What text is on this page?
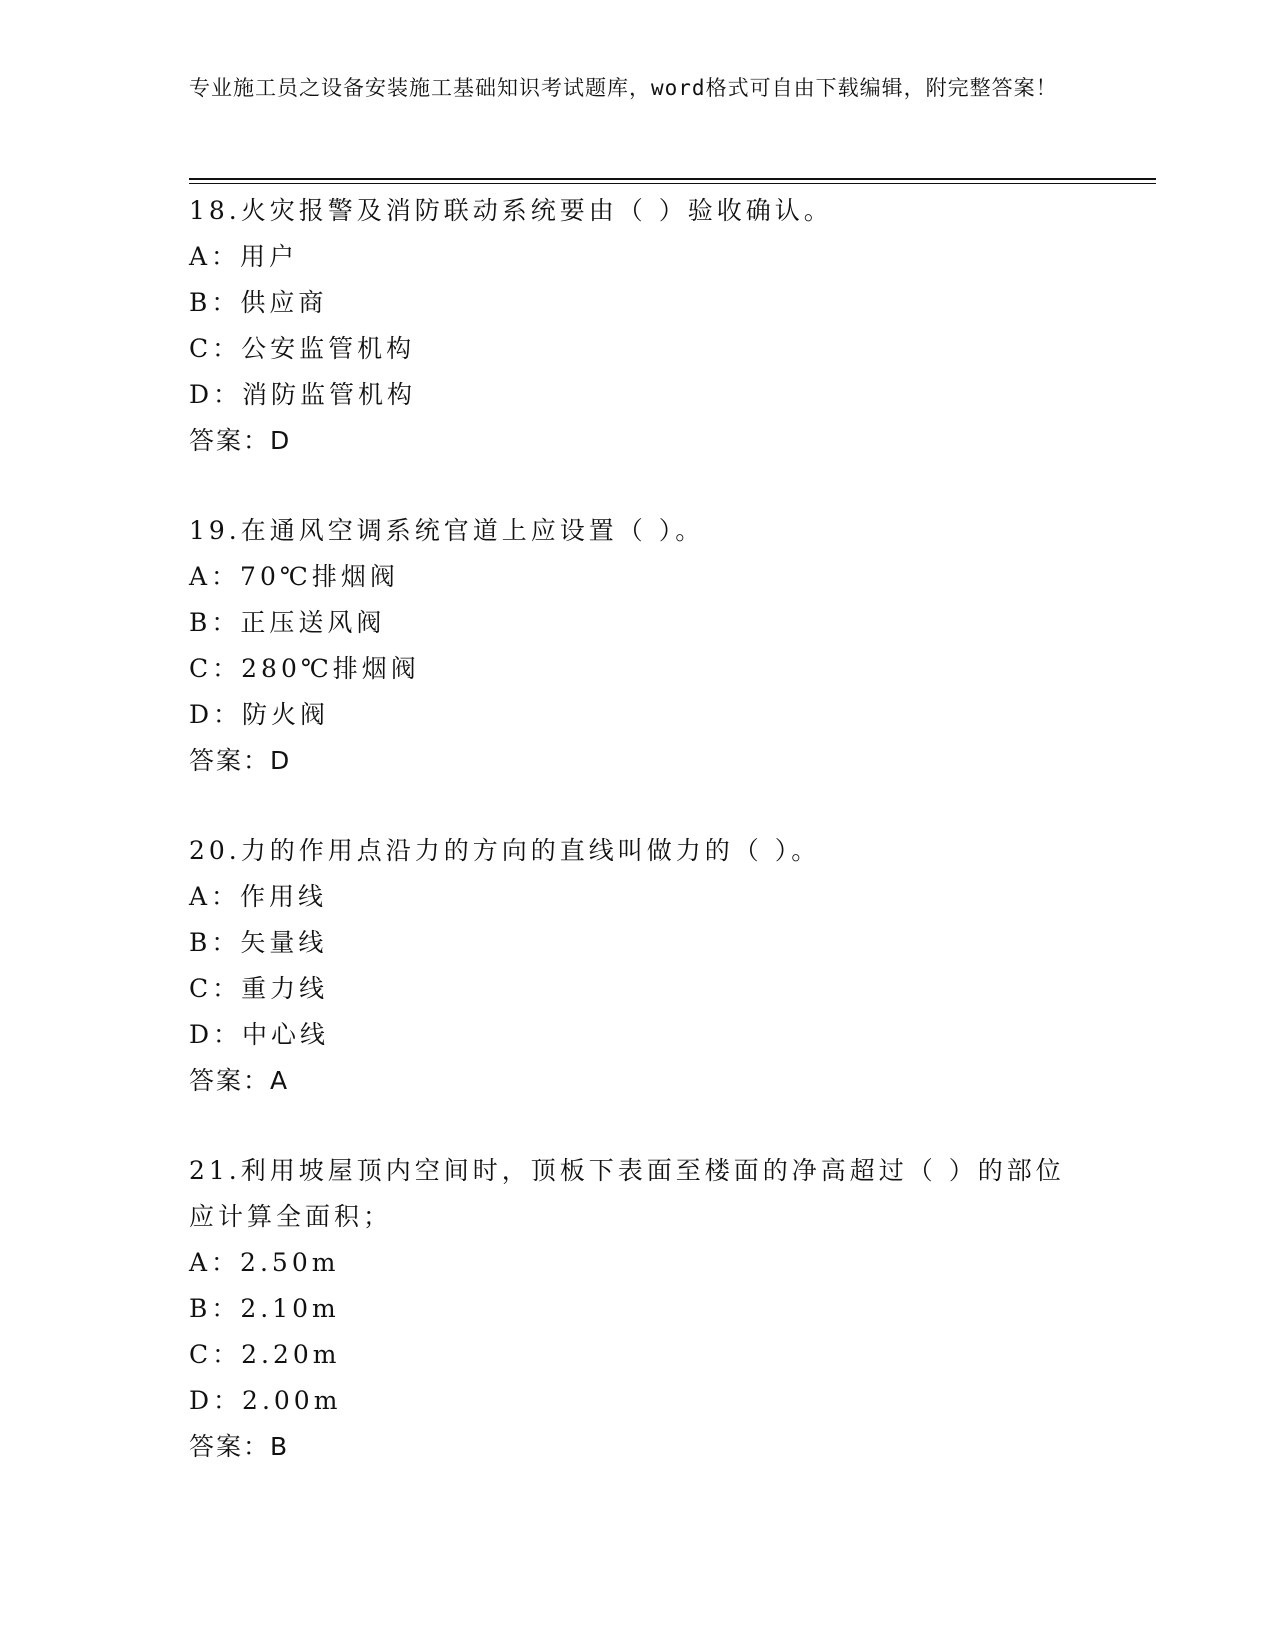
专业施工员之设备安装施工基础知识考试题库，word格式可自由下载编辑，附完整答案！
18.火灾报警及消防联动系统要由（ ）验收确认。
A：用户
B：供应商
C：公安监管机构
D：消防监管机构
答案：D
19.在通风空调系统官道上应设置（ ）。
A：70℃排烟阀
B：正压送风阀
C：280℃排烟阀
D：防火阀
答案：D
20.力的作用点沿力的方向的直线叫做力的（ ）。
A：作用线
B：矢量线
C：重力线
D：中心线
答案：A
21.利用坡屋顶内空间时，顶板下表面至楼面的净高超过（ ）的部位应计算全面积；
A：2.50m
B：2.10m
C：2.20m
D：2.00m
答案：B
